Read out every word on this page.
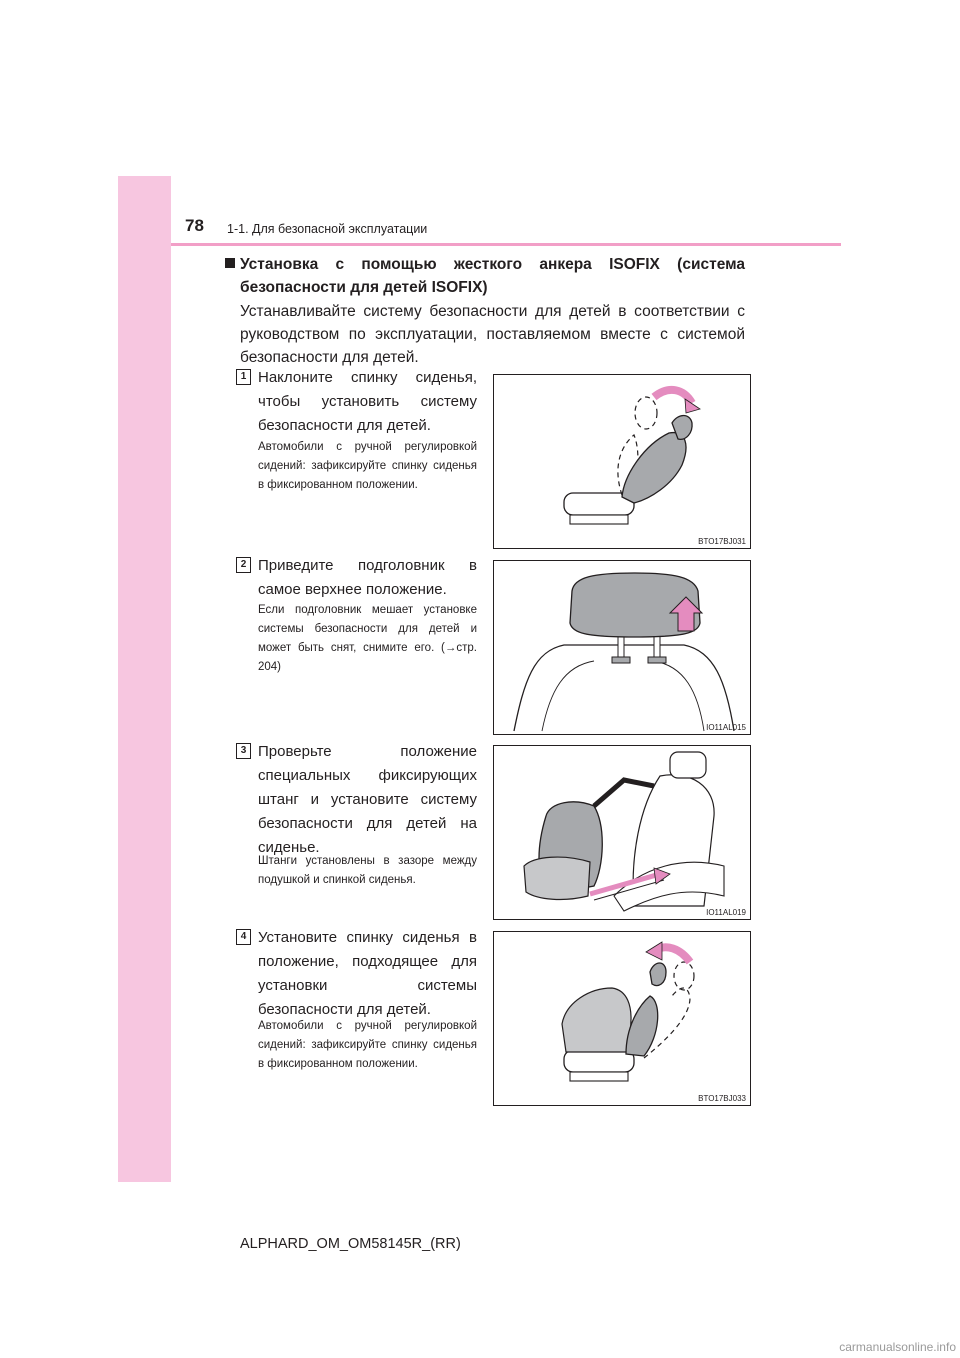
78 1-1. Для безопасной эксплуатации
Установка с помощью жесткого анкера ISOFIX (система безопасности для детей ISOFIX)
Устанавливайте систему безопасности для детей в соответствии с руководством по эксплуатации, поставляемом вместе с системой безопасности для детей.
1 Наклоните спинку сиденья, чтобы установить систему безопасности для детей.
Автомобили с ручной регулировкой сидений: зафиксируйте спинку сиденья в фиксированном положении.
BTO17BJ031
2 Приведите подголовник в самое верхнее положение.
Если подголовник мешает установке системы безопасности для детей и может быть снят, снимите его. (→стр. 204)
IO11AL015
3 Проверьте положение специальных фиксирующих штанг и установите систему безопасности для детей на сиденье.
Штанги установлены в зазоре между подушкой и спинкой сиденья.
IO11AL019
4 Установите спинку сиденья в положение, подходящее для установки системы безопасности для детей.
Автомобили с ручной регулировкой сидений: зафиксируйте спинку сиденья в фиксированном положении.
BTO17BJ033
ALPHARD_OM_OM58145R_(RR)
carmanualsonline.info
